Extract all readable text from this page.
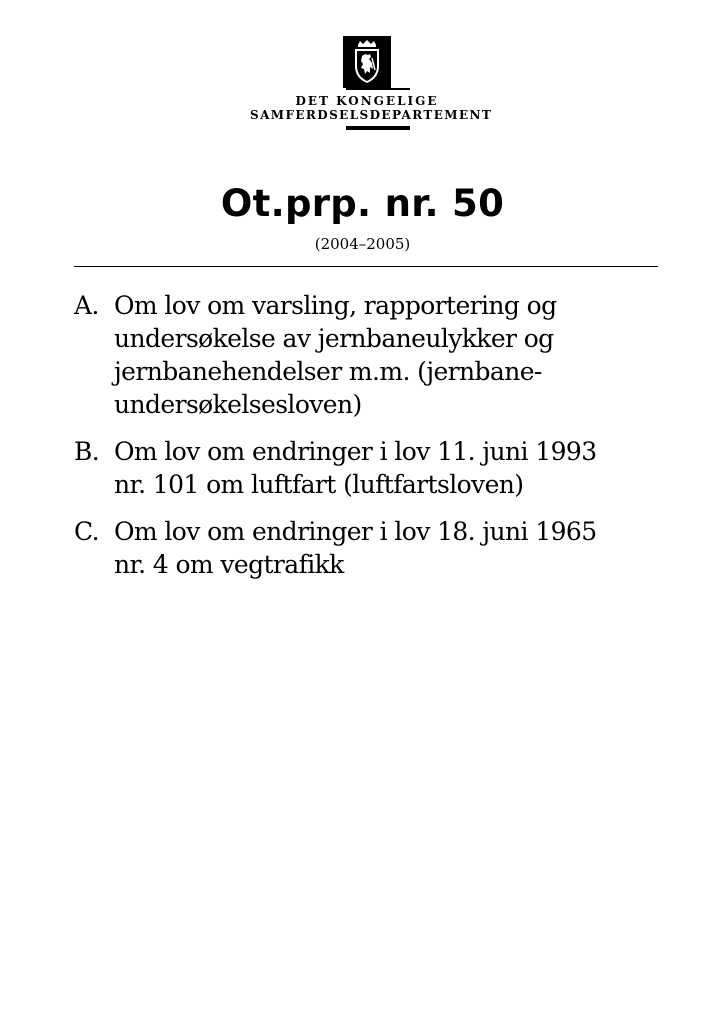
DET KONGELIGE
SAMFERDSELSDEPARTEMENT
Ot.prp. nr. 50
(2004–2005)
A. Om lov om varsling, rapportering og
undersøkelse av jernbaneulykker og
jernbanehendelser m.m. (jernbane-
undersøkelsesloven)
B. Om lov om endringer i lov 11. juni 1993
nr. 101 om luftfart (luftfartsloven)
C. Om lov om endringer i lov 18. juni 1965
nr. 4 om vegtrafikk
